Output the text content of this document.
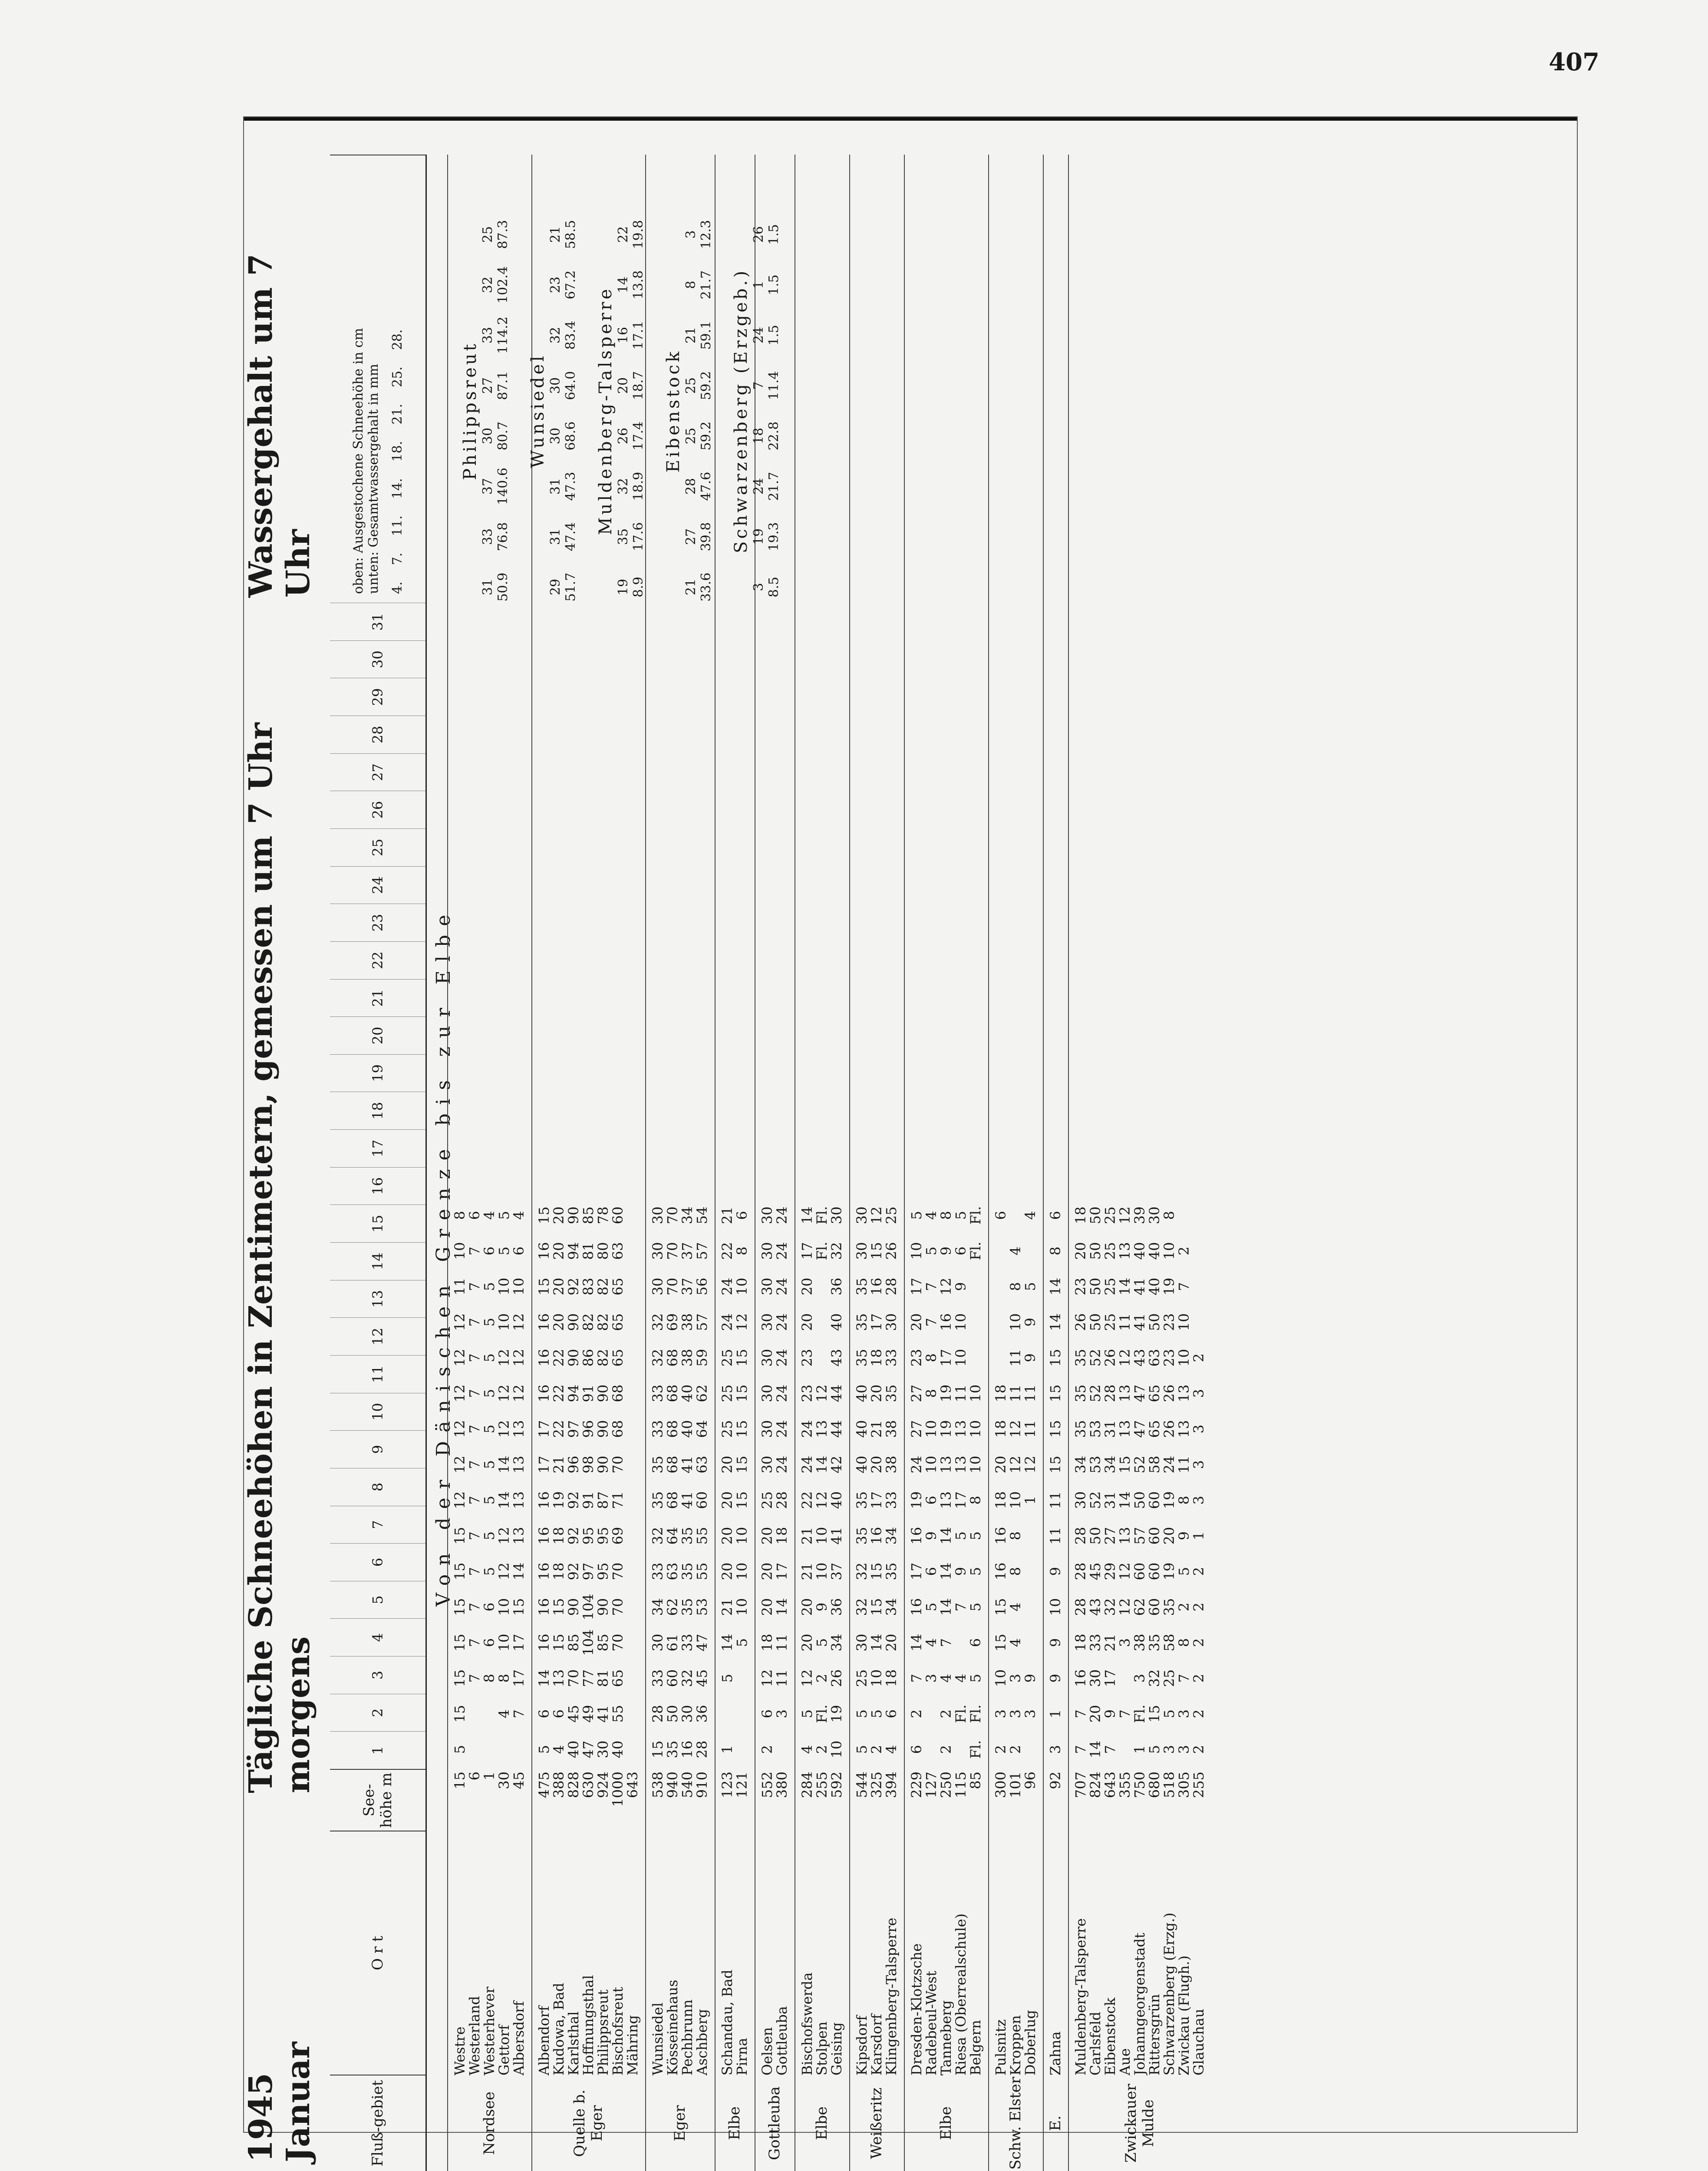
407
1945 Januar
Tägliche Schneehöhen in Zentimetern, gemessen um 7 Uhr morgens
Wassergehalt um 7 Uhr
Fluß-gebiet
O r t
See-höhe m
1
2
3
4
5
6
7
8
9
10
11
12
13
14
15
16
17
18
19
20
21
22
23
24
25
26
27
28
29
30
31
oben: Ausgestochene Schneehöhe in cm unten: Gesamtwassergehalt in mm 4.
7.
11.
14.
18.
21.
25.
28.
Von der Dänischen Grenze bis zur Elbe
Nordsee
Westre
15
5
15
15
15
15
15
15
12
12
12
12
12
12
11
10
8
Westerland
6
7
7
7
7
7
7
7
7
7
7
7
7
7
6
Westerhever
1
8
6
6
5
5
5
5
5
5
5
5
5
6
4
Gettorf
30
4
8
10
10
12
12
14
14
12
12
12
10
10
5
5
Albersdorf
45
7
17
17
15
14
13
13
13
13
12
12
12
10
6
4
Quelle b. Eger
Albendorf
475
5
6
14
16
16
16
16
16
17
17
16
16
16
15
16
15
Kudowa, Bad
388
4
6
13
15
15
18
18
19
21
22
22
22
20
20
20
20
Karlsthal
828
40
45
70
85
90
92
92
92
96
97
94
90
90
92
94
90
Hoffnungsthal
630
47
49
77
104
104
97
95
91
98
96
91
86
82
83
81
85
Philippsreut
924
30
41
81
85
90
95
95
87
90
90
90
82
82
82
80
78
Bischofsreut
1000
40
55
65
70
70
70
69
71
70
68
68
65
65
65
63
60
Mähring
643
Eger
Wunsiedel
538
15
28
33
30
34
33
32
35
35
33
33
32
32
30
30
30
Kösseinehaus
940
35
50
60
61
62
63
64
68
68
68
68
68
69
70
70
70
Pechbrunn
540
16
30
32
33
35
35
35
41
41
40
40
38
38
37
37
34
Aschberg
910
28
36
45
47
53
55
55
60
63
64
62
59
57
56
57
54
Elbe
Schandau, Bad
123
1
5
14
21
20
20
20
20
25
25
25
24
24
22
21
Pirna
121
5
10
10
10
15
15
15
15
15
12
10
8
6
Gottleuba
Oelsen
552
2
6
12
18
20
20
20
25
30
30
30
30
30
30
30
30
Gottleuba
380
3
11
11
14
17
18
28
24
24
24
24
24
24
24
24
Elbe
Bischofswerda
284
4
5
12
20
20
21
21
22
24
24
23
23
20
20
17
14
Stolpen
255
2
Fl.
2
5
9
10
10
12
14
13
12
Fl.
Fl.
Geising
592
10
19
26
34
36
37
41
40
42
44
44
43
40
36
32
30
Weißeritz
Kipsdorf
544
5
5
25
30
32
32
35
35
40
40
40
35
35
35
30
30
Karsdorf
325
2
5
10
14
15
15
16
17
20
21
20
18
17
16
15
12
Klingenberg-Talsperre
394
4
6
18
20
34
35
34
33
38
38
35
33
30
28
26
25
Elbe
Dresden-Klotzsche
229
6
2
7
14
16
17
16
19
24
27
27
23
20
17
10
5
Radebeul-West
127
3
4
5
6
9
6
10
10
8
8
7
7
5
4
Tanneberg
250
2
2
4
7
14
14
14
13
13
19
19
17
16
12
9
8
Riesa (Oberrealschule)
115
Fl.
4
7
9
5
17
13
13
11
10
10
9
6
5
Belgern
85
Fl.
Fl.
5
6
5
5
5
8
10
10
10
Fl.
Fl.
Schw. Elster
Pulsnitz
300
2
3
10
15
15
16
16
18
20
18
18
6
Kroppen
101
2
3
3
4
4
8
8
10
12
12
11
11
10
8
4
Doberlug
96
3
9
1
12
11
11
9
9
5
4
E.
Zahna
92
3
1
9
9
10
9
11
11
15
15
15
15
14
14
8
6
Zwickauer Mulde
Muldenberg-Talsperre
707
7
7
16
18
28
28
28
30
34
35
35
35
26
23
20
18
Carlsfeld
824
14
20
30
33
43
45
50
52
53
53
52
52
50
50
50
50
Eibenstock
643
7
9
17
21
32
29
27
31
34
31
28
26
25
25
25
25
Aue
355
7
3
12
12
13
14
15
13
13
12
11
14
13
12
Johanngeorgenstadt
750
1
Fl.
3
38
62
60
57
50
52
47
47
43
41
41
40
39
Rittersgrün
680
5
15
32
35
60
60
60
60
58
65
65
63
50
40
40
30
Schwarzenberg (Erzg.)
518
3
5
25
58
35
19
20
19
24
26
26
23
23
19
10
8
Zwickau (Flugh.)
305
3
3
7
8
2
5
9
8
11
13
13
10
10
7
2
Glauchau
255
2
2
2
2
2
2
1
3
3
3
3
2
Philippsreut
31
33
37
30
27
33
32
25
50.9
76.8
140.6
80.7
87.1
114.2
102.4
87.3
Wunsiedel
29
31
31
30
30
32
23
21
51.7
47.4
47.3
68.6
64.0
83.4
67.2
58.5
Muldenberg-Talsperre
19
35
32
26
20
16
14
22
8.9
17.6
18.9
17.4
18.7
17.1
13.8
19.8
Eibenstock
21
27
28
25
25
21
8
3
33.6
39.8
47.6
59.2
59.2
59.1
21.7
12.3
Schwarzenberg (Erzgeb.)
3
19
24
18
7
24
1
26
8.5
19.3
21.7
22.8
11.4
1.5
1.5
1.5
